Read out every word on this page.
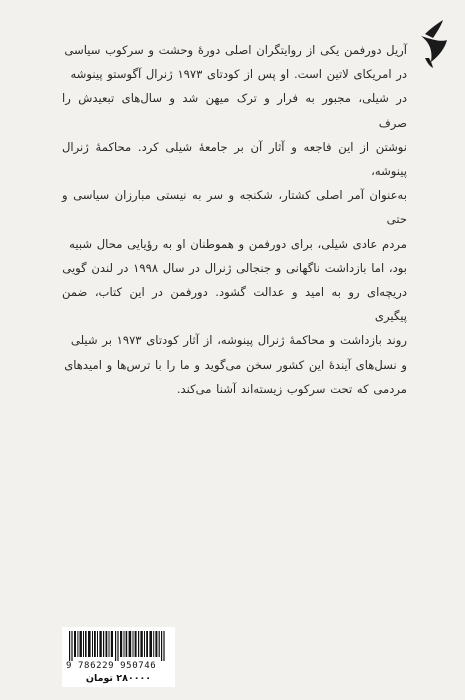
آریل دورفمن یکی از روایتگران اصلی دورهٔ وحشت و سرکوب سیاسی
در امریکای لاتین است. او پس از کودتای ۱۹۷۳ ژنرال آگوستو پینوشه
در شیلی، مجبور به فرار و ترک میهن شد و سال‌های تبعیدش را صرف
نوشتن از این فاجعه و آثار آن بر جامعهٔ شیلی کرد. محاکمهٔ ژنرال پینوشه،
به‌عنوان آمر اصلی کشتار، شکنجه و سر به نیستی مبارزان سیاسی و حتی
مردم عادی شیلی، برای دورفمن و هموطنان او به رؤیایی محال شبیه
بود، اما بازداشت ناگهانی و جنجالی ژنرال در سال ۱۹۹۸ در لندن گویی
دریچه‌ای رو به امید و عدالت گشود. دورفمن در این کتاب، ضمن پیگیری
روند بازداشت و محاکمهٔ ژنرال پینوشه، از آثار کودتای ۱۹۷۳ بر شیلی
و نسل‌های آیندهٔ این کشور سخن می‌گوید و ما را با ترس‌ها و امیدهای
مردمی که تحت سرکوب زیسته‌اند آشنا می‌کند.
9 786229 950746
۲۸۰۰۰۰ تومان
